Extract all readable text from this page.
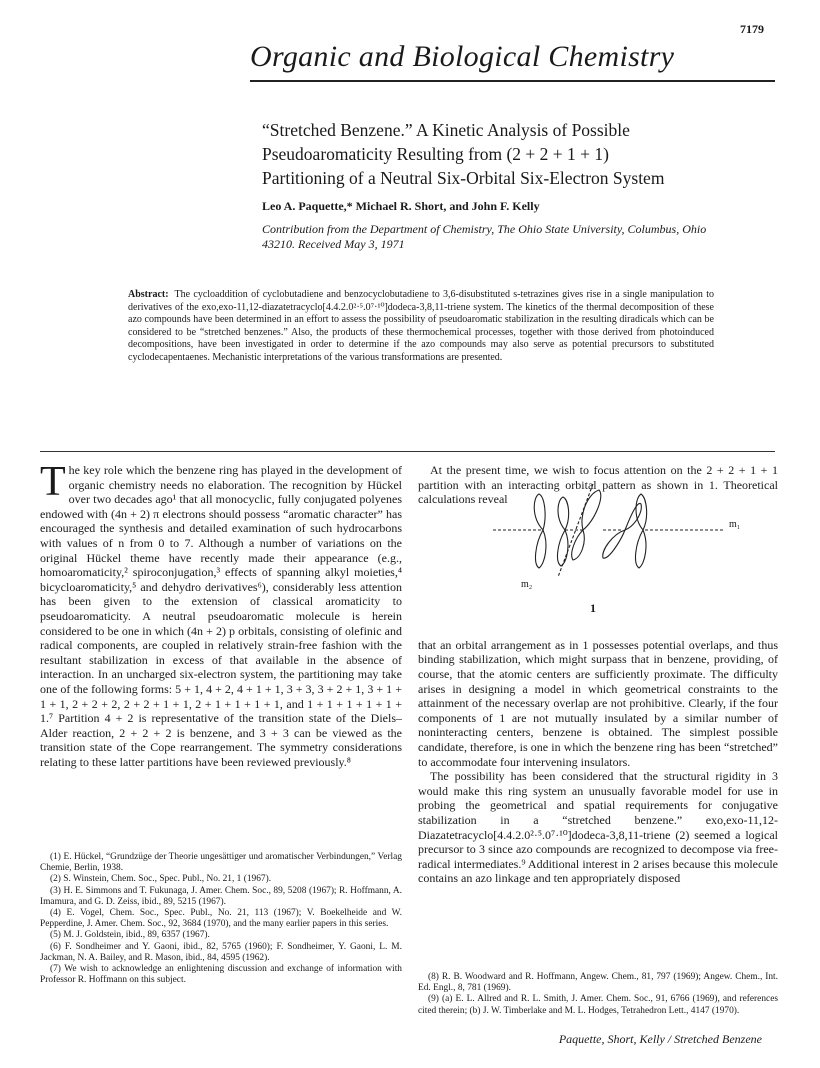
7179
Organic and Biological Chemistry
“Stretched Benzene.” A Kinetic Analysis of Possible
Pseudoaromaticity Resulting from (2 + 2 + 1 + 1)
Partitioning of a Neutral Six-Orbital Six-Electron System
Leo A. Paquette,* Michael R. Short, and John F. Kelly
Contribution from the Department of Chemistry, The Ohio State University, Columbus, Ohio 43210. Received May 3, 1971
Abstract: The cycloaddition of cyclobutadiene and benzocyclobutadiene to 3,6-disubstituted s-tetrazines gives rise in a single manipulation to derivatives of the exo,exo-11,12-diazatetracyclo[4.4.2.0²·⁵.0⁷·¹⁰]dodeca-3,8,11-triene system. The kinetics of the thermal decomposition of these azo compounds have been determined in an effort to assess the possibility of pseudoaromatic stabilization in the resulting diradicals which can be considered to be “stretched benzenes.” Also, the products of these thermochemical processes, together with those derived from photoinduced decompositions, have been investigated in order to determine if the azo compounds may also serve as potential precursors to substituted cyclodecapentaenes. Mechanistic interpretations of the various transformations are presented.
The key role which the benzene ring has played in the development of organic chemistry needs no elaboration. The recognition by Hückel over two decades ago¹ that all monocyclic, fully conjugated polyenes endowed with (4n + 2) π electrons should possess “aromatic character” has encouraged the synthesis and detailed examination of such hydrocarbons with values of n from 0 to 7. Although a number of variations on the original Hückel theme have recently made their appearance (e.g., homoaromaticity,² spiroconjugation,³ effects of spanning alkyl moieties,⁴ bicycloaromaticity,⁵ and dehydro derivatives⁶), considerably less attention has been given to the extension of classical aromaticity to pseudoaromaticity. A neutral pseudoaromatic molecule is herein considered to be one in which (4n + 2) p orbitals, consisting of olefinic and radical components, are coupled in relatively strain-free fashion with the resultant stabilization in excess of that available in the absence of interaction. In an uncharged six-electron system, the partitioning may take one of the following forms: 5 + 1, 4 + 2, 4 + 1 + 1, 3 + 3, 3 + 2 + 1, 3 + 1 + 1 + 1, 2 + 2 + 2, 2 + 2 + 1 + 1, 2 + 1 + 1 + 1 + 1, and 1 + 1 + 1 + 1 + 1 + 1.⁷ Partition 4 + 2 is representative of the transition state of the Diels–Alder reaction, 2 + 2 + 2 is benzene, and 3 + 3 can be viewed as the transition state of the Cope rearrangement. The symmetry considerations relating to these latter partitions have been reviewed previously.⁸
At the present time, we wish to focus attention on the 2 + 2 + 1 + 1 partition with an interacting orbital pattern as shown in 1. Theoretical calculations reveal
that an orbital arrangement as in 1 possesses potential overlaps, and thus binding stabilization, which might surpass that in benzene, providing, of course, that the atomic centers are sufficiently proximate. The difficulty arises in designing a model in which geometrical constraints to the attainment of the necessary overlap are not prohibitive. Clearly, if the four components of 1 are not mutually insulated by a similar number of noninteracting centers, benzene is obtained. The simplest possible candidate, therefore, is one in which the benzene ring has been “stretched” to accommodate four intervening insulators.
The possibility has been considered that the structural rigidity in 3 would make this ring system an unusually favorable model for use in probing the geometrical and spatial requirements for conjugative stabilization in a “stretched benzene.” exo,exo-11,12-Diazatetracyclo[4.4.2.0²·⁵.0⁷·¹⁰]dodeca-3,8,11-triene (2) seemed a logical precursor to 3 since azo compounds are recognized to decompose via free-radical intermediates.⁹ Additional interest in 2 arises because this molecule contains an azo linkage and ten appropriately disposed
m₁
m₂
1

(1) E. Hückel, “Grundzüge der Theorie ungesättiger und aromatischer Verbindungen,” Verlag Chemie, Berlin, 1938.

(2) S. Winstein, Chem. Soc., Spec. Publ., No. 21, 1 (1967).

(3) H. E. Simmons and T. Fukunaga, J. Amer. Chem. Soc., 89, 5208 (1967); R. Hoffmann, A. Imamura, and G. D. Zeiss, ibid., 89, 5215 (1967).

(4) E. Vogel, Chem. Soc., Spec. Publ., No. 21, 113 (1967); V. Boekelheide and W. Pepperdine, J. Amer. Chem. Soc., 92, 3684 (1970), and the many earlier papers in this series.

(5) M. J. Goldstein, ibid., 89, 6357 (1967).

(6) F. Sondheimer and Y. Gaoni, ibid., 82, 5765 (1960); F. Sondheimer, Y. Gaoni, L. M. Jackman, N. A. Bailey, and R. Mason, ibid., 84, 4595 (1962).

(7) We wish to acknowledge an enlightening discussion and exchange of information with Professor R. Hoffmann on this subject.	(8) R. B. Woodward and R. Hoffmann, Angew. Chem., 81, 797 (1969); Angew. Chem., Int. Ed. Engl., 8, 781 (1969).

(9) (a) E. L. Allred and R. L. Smith, J. Amer. Chem. Soc., 91, 6766 (1969), and references cited therein; (b) J. W. Timberlake and M. L. Hodges, Tetrahedron Lett., 4147 (1970).

Paquette, Short, Kelly / Stretched Benzene
